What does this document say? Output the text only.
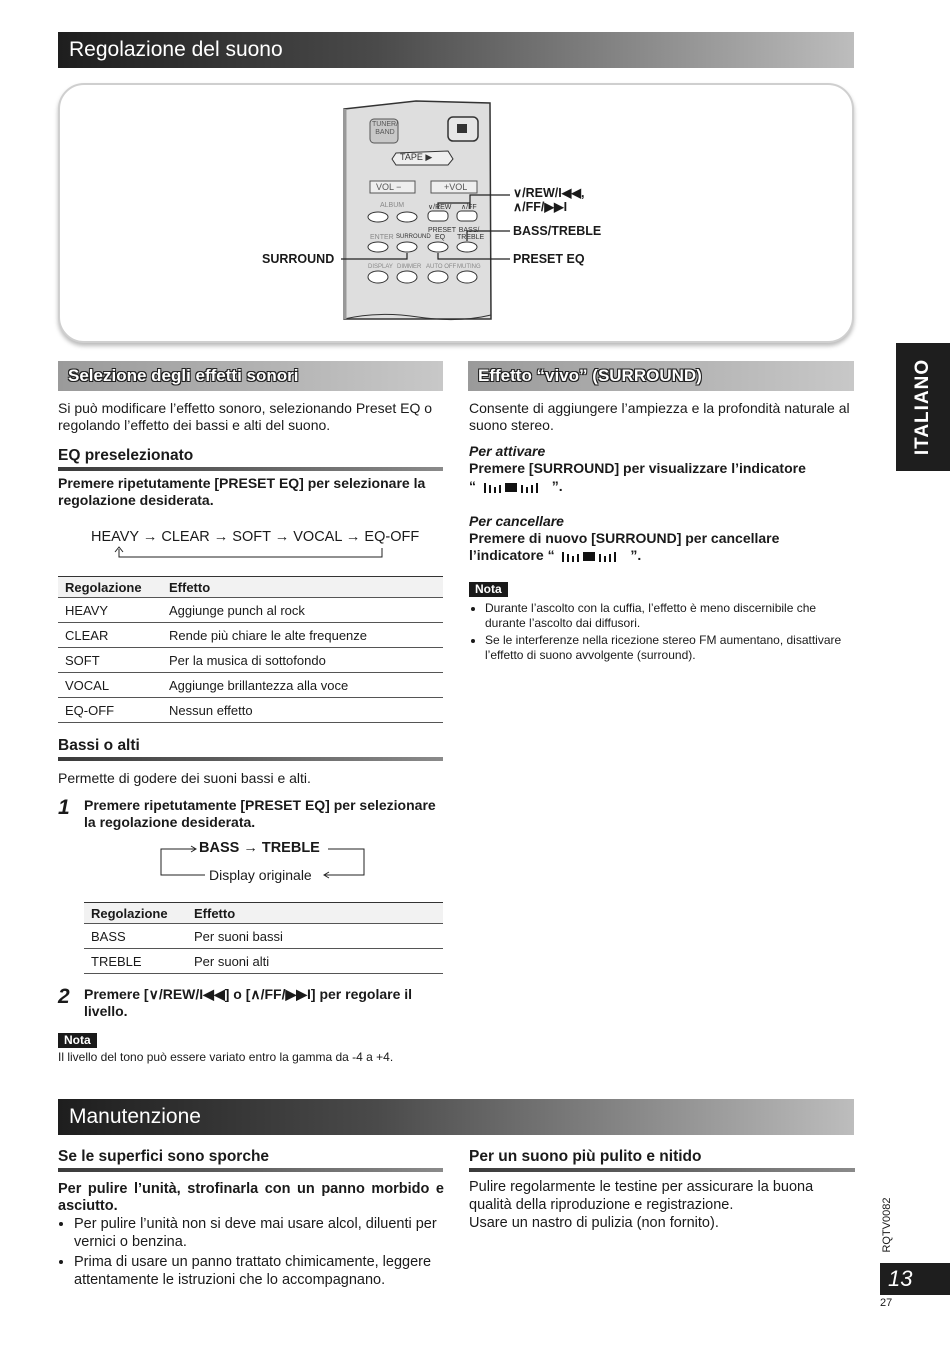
Regolazione del suono
TUNER/ BAND
TAPE ▶
VOL −	+VOL
ALBUM	∨/REW ∧/FF
ENTER SURROUND
PRESET EQ
BASS/ TREBLE
DISPLAY DIMMER AUTO OFF MUTING
∨/REW/I◀◀,
∧/FF/▶▶I
BASS/TREBLE
PRESET EQ
SURROUND
Selezione degli effetti sonori
Si può modificare l’effetto sonoro, selezionando Preset EQ o regolando l’effetto dei bassi e alti del suono.
EQ preselezionato
Premere ripetutamente [PRESET EQ] per selezionare la regolazione desiderata.
HEAVY → CLEAR → SOFT → VOCAL → EQ-OFF
Regolazione	Effetto
HEAVY	Aggiunge punch al rock
CLEAR	Rende più chiare le alte frequenze
SOFT	Per la musica di sottofondo
VOCAL	Aggiunge brillantezza alla voce
EQ-OFF	Nessun effetto
Bassi o alti
Permette di godere dei suoni bassi e alti.
1 Premere ripetutamente [PRESET EQ] per selezionare la regolazione desiderata.
BASS → TREBLE
Display originale
Regolazione	Effetto
BASS	Per suoni bassi
TREBLE	Per suoni alti
2 Premere [∨/REW/I◀◀] o [∧/FF/▶▶I] per regolare il livello.
Nota
Il livello del tono può essere variato entro la gamma da -4 a +4.
Effetto “vivo” (SURROUND)
Consente di aggiungere l’ampiezza e la profondità naturale al suono stereo.
Per attivare
Premere [SURROUND] per visualizzare l’indicatore
“	”.
Per cancellare
Premere di nuovo [SURROUND] per cancellare l’indicatore “	”.
Nota
• Durante l’ascolto con la cuffia, l’effetto è meno discernibile che durante l’ascolto dai diffusori.
• Se le interferenze nella ricezione stereo FM aumentano, disattivare l’effetto di suono avvolgente (surround).
ITALIANO
Manutenzione
Se le superfici sono sporche
Per pulire l’unità, strofinarla con un panno morbido e asciutto.
• Per pulire l’unità non si deve mai usare alcol, diluenti per vernici o benzina.
• Prima di usare un panno trattato chimicamente, leggere attentamente le istruzioni che lo accompagnano.
Per un suono più pulito e nitido
Pulire regolarmente le testine per assicurare la buona qualità della riproduzione e registrazione.
Usare un nastro di pulizia (non fornito).	RQTV0082
13
27
